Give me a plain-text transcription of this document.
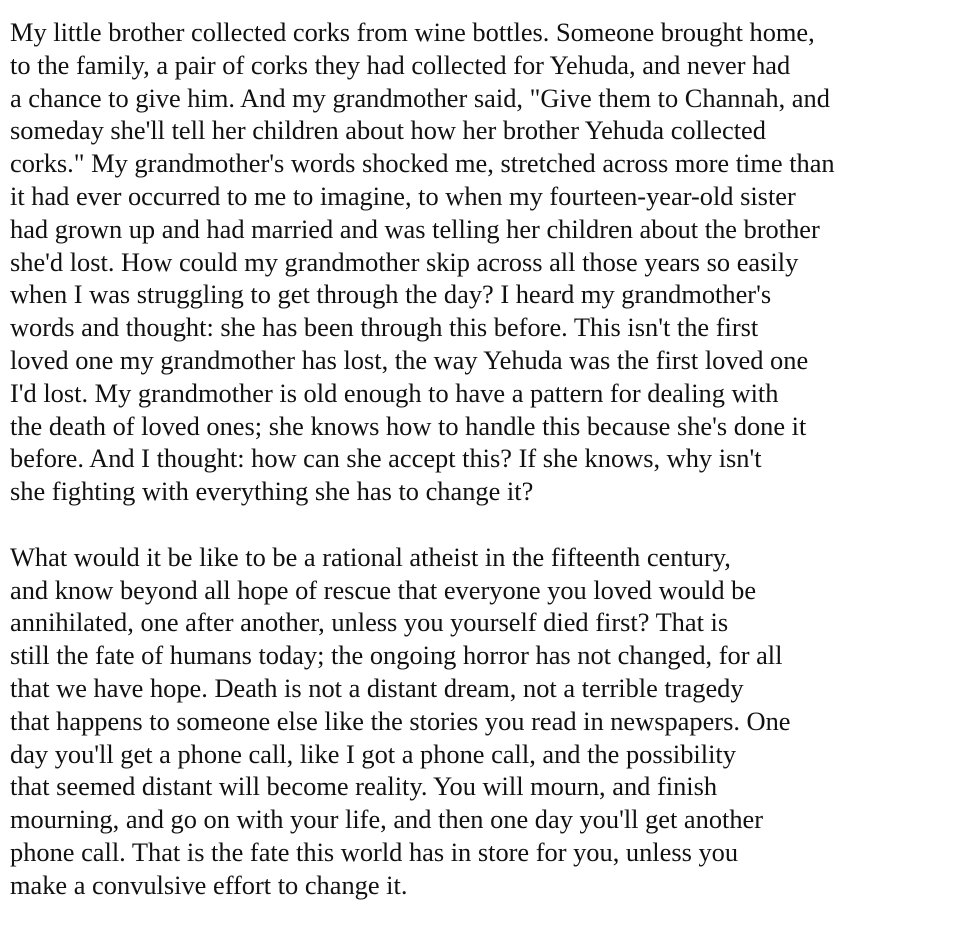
My little brother collected corks from wine bottles. Someone brought home,
to the family, a pair of corks they had collected for Yehuda, and never had
a chance to give him. And my grandmother said, "Give them to Channah, and
someday she'll tell her children about how her brother Yehuda collected
corks." My grandmother's words shocked me, stretched across more time than
it had ever occurred to me to imagine, to when my fourteen-year-old sister
had grown up and had married and was telling her children about the brother
she'd lost. How could my grandmother skip across all those years so easily
when I was struggling to get through the day? I heard my grandmother's
words and thought: she has been through this before. This isn't the first
loved one my grandmother has lost, the way Yehuda was the first loved one
I'd lost. My grandmother is old enough to have a pattern for dealing with
the death of loved ones; she knows how to handle this because she's done it
before. And I thought: how can she accept this? If she knows, why isn't
she fighting with everything she has to change it?

What would it be like to be a rational atheist in the fifteenth century,
and know beyond all hope of rescue that everyone you loved would be
annihilated, one after another, unless you yourself died first? That is
still the fate of humans today; the ongoing horror has not changed, for all
that we have hope. Death is not a distant dream, not a terrible tragedy
that happens to someone else like the stories you read in newspapers. One
day you'll get a phone call, like I got a phone call, and the possibility
that seemed distant will become reality. You will mourn, and finish
mourning, and go on with your life, and then one day you'll get another
phone call. That is the fate this world has in store for you, unless you
make a convulsive effort to change it.
